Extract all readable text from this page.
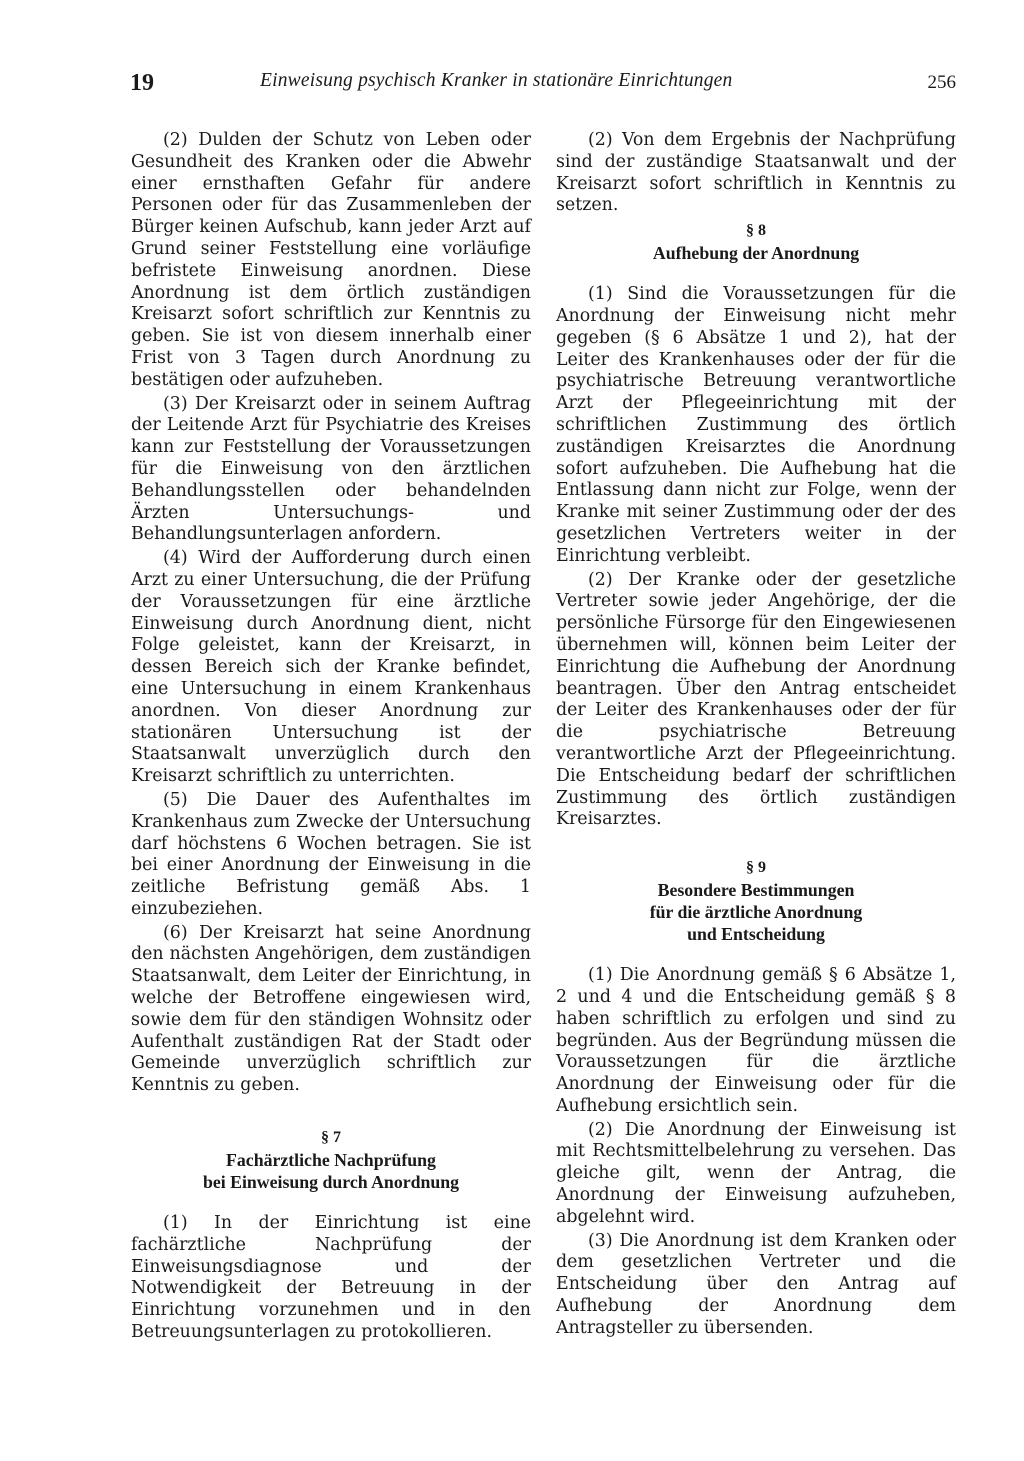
19	Einweisung psychisch Kranker in stationäre Einrichtungen	256

(2) Dulden der Schutz von Leben oder Gesundheit des Kranken oder die Abwehr einer ernsthaften Gefahr für andere Personen oder für das Zusammenleben der Bürger keinen Aufschub, kann jeder Arzt auf Grund seiner Feststellung eine vorläufige befristete Einweisung anordnen. Diese Anordnung ist dem örtlich zuständigen Kreisarzt sofort schriftlich zur Kenntnis zu geben. Sie ist von diesem innerhalb einer Frist von 3 Tagen durch Anordnung zu bestätigen oder aufzuheben.

(3) Der Kreisarzt oder in seinem Auftrag der Leitende Arzt für Psychiatrie des Kreises kann zur Feststellung der Voraussetzungen für die Einweisung von den ärztlichen Behandlungsstellen oder behandelnden Ärzten Untersuchungs- und Behandlungsunterlagen anfordern.

(4) Wird der Aufforderung durch einen Arzt zu einer Untersuchung, die der Prüfung der Voraussetzungen für eine ärztliche Einweisung durch Anordnung dient, nicht Folge geleistet, kann der Kreisarzt, in dessen Bereich sich der Kranke befindet, eine Untersuchung in einem Krankenhaus anordnen. Von dieser Anordnung zur stationären Untersuchung ist der Staatsanwalt unverzüglich durch den Kreisarzt schriftlich zu unterrichten.

(5) Die Dauer des Aufenthaltes im Krankenhaus zum Zwecke der Untersuchung darf höchstens 6 Wochen betragen. Sie ist bei einer Anordnung der Einweisung in die zeitliche Befristung gemäß Abs. 1 einzubeziehen.

(6) Der Kreisarzt hat seine Anordnung den nächsten Angehörigen, dem zuständigen Staatsanwalt, dem Leiter der Einrichtung, in welche der Betroffene eingewiesen wird, sowie dem für den ständigen Wohnsitz oder Aufenthalt zuständigen Rat der Stadt oder Gemeinde unverzüglich schriftlich zur Kenntnis zu geben.

§ 7
Fachärztliche Nachprüfung
bei Einweisung durch Anordnung

(1) In der Einrichtung ist eine fachärztliche Nachprüfung der Einweisungsdiagnose und der Notwendigkeit der Betreuung in der Einrichtung vorzunehmen und in den Betreuungsunterlagen zu protokollieren.

(2) Von dem Ergebnis der Nachprüfung sind der zuständige Staatsanwalt und der Kreisarzt sofort schriftlich in Kenntnis zu setzen.

§ 8
Aufhebung der Anordnung

(1) Sind die Voraussetzungen für die Anordnung der Einweisung nicht mehr gegeben (§ 6 Absätze 1 und 2), hat der Leiter des Krankenhauses oder der für die psychiatrische Betreuung verantwortliche Arzt der Pflegeeinrichtung mit der schriftlichen Zustimmung des örtlich zuständigen Kreisarztes die Anordnung sofort aufzuheben. Die Aufhebung hat die Entlassung dann nicht zur Folge, wenn der Kranke mit seiner Zustimmung oder der des gesetzlichen Vertreters weiter in der Einrichtung verbleibt.

(2) Der Kranke oder der gesetzliche Vertreter sowie jeder Angehörige, der die persönliche Fürsorge für den Eingewiesenen übernehmen will, können beim Leiter der Einrichtung die Aufhebung der Anordnung beantragen. Über den Antrag entscheidet der Leiter des Krankenhauses oder der für die psychiatrische Betreuung verantwortliche Arzt der Pflegeeinrichtung. Die Entscheidung bedarf der schriftlichen Zustimmung des örtlich zuständigen Kreisarztes.

§ 9
Besondere Bestimmungen
für die ärztliche Anordnung
und Entscheidung

(1) Die Anordnung gemäß § 6 Absätze 1, 2 und 4 und die Entscheidung gemäß § 8 haben schriftlich zu erfolgen und sind zu begründen. Aus der Begründung müssen die Voraussetzungen für die ärztliche Anordnung der Einweisung oder für die Aufhebung ersichtlich sein.

(2) Die Anordnung der Einweisung ist mit Rechtsmittelbelehrung zu versehen. Das gleiche gilt, wenn der Antrag, die Anordnung der Einweisung aufzuheben, abgelehnt wird.

(3) Die Anordnung ist dem Kranken oder dem gesetzlichen Vertreter und die Entscheidung über den Antrag auf Aufhebung der Anordnung dem Antragsteller zu übersenden.
